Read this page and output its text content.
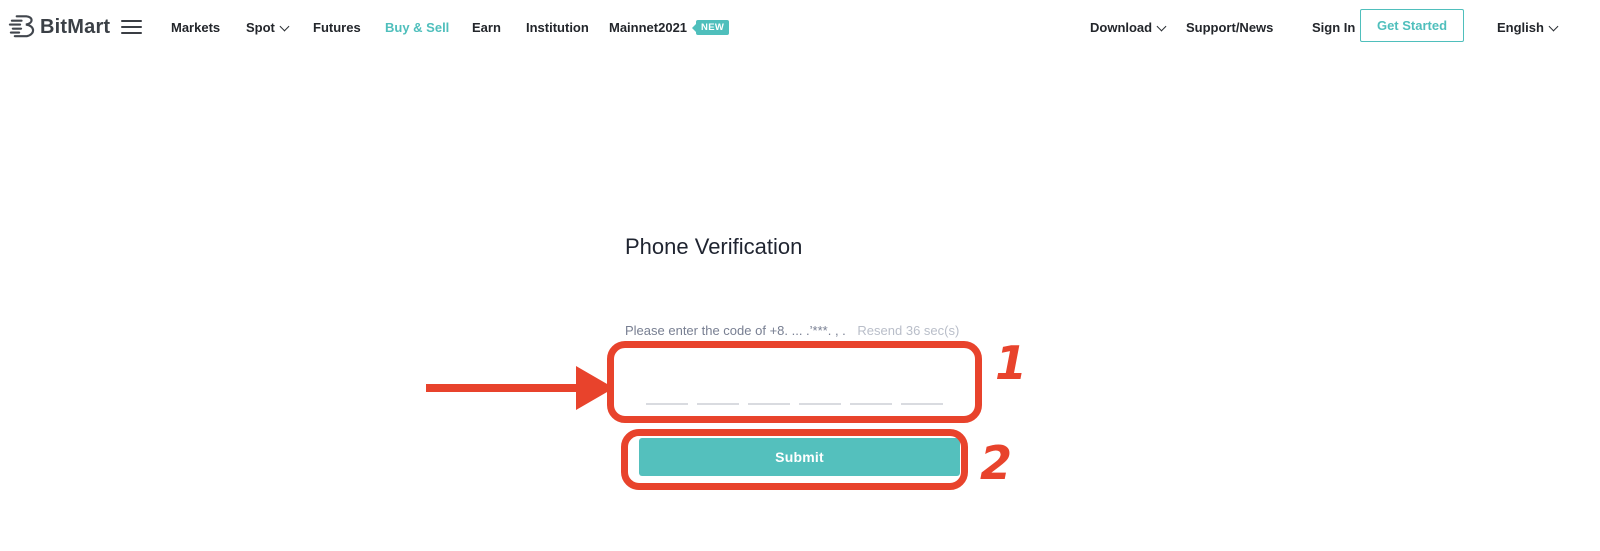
BitMart	Markets Spot	Futures Buy & Sell Earn Institution Mainnet2021 NEW	Download	Support/News	Sign In	Get Started	English
Phone Verification
Please enter the code of +8. ... .’***. , . Resend 36 sec(s)
Submit
1
2
